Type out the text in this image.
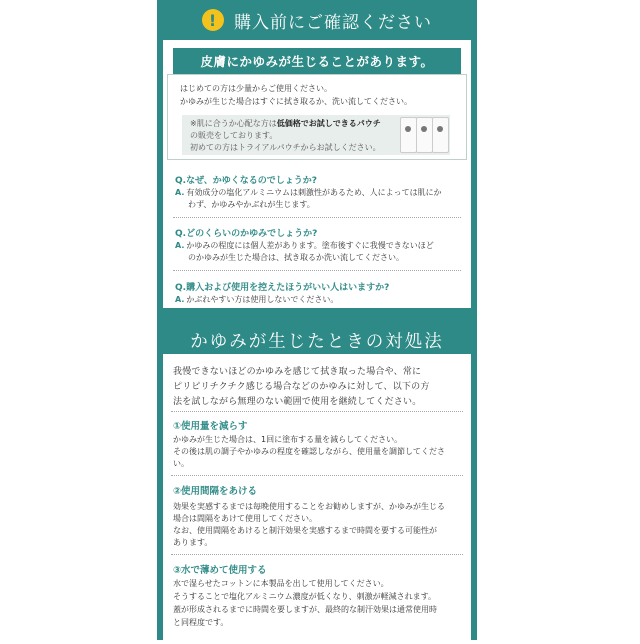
! 購入前にご確認ください
皮膚にかゆみが生じることがあります。
はじめての方は少量からご使用ください。
かゆみが生じた場合はすぐに拭き取るか、洗い流してください。
※肌に合うか心配な方は低価格でお試しできるパウチ
の販売をしております。
初めての方はトライアルパウチからお試しください。
Q.なぜ、かゆくなるのでしょうか?
A. 有効成分の塩化アルミニウムは刺激性があるため、人によっては肌にか
わず、かゆみやかぶれが生じます。
Q.どのくらいのかゆみでしょうか?
A. かゆみの程度には個人差があります。塗布後すぐに我慢できないほど
のかゆみが生じた場合は、拭き取るか洗い流してください。
Q.購入および使用を控えたほうがいい人はいますか?
A. かぶれやすい方は使用しないでください。
かゆみが生じたときの対処法
我慢できないほどのかゆみを感じて拭き取った場合や、常に
ピリピリチクチク感じる場合などのかゆみに対して、以下の方
法を試しながら無理のない範囲で使用を継続してください。
①使用量を減らす
かゆみが生じた場合は、1回に塗布する量を減らしてください。
その後は肌の調子やかゆみの程度を確認しながら、使用量を調節してくださ
い。
②使用間隔をあける
効果を実感するまでは毎晩使用することをお勧めしますが、かゆみが生じる
場合は間隔をあけて使用してください。
なお、使用間隔をあけると制汗効果を実感するまで時間を要する可能性が
あります。
③水で薄めて使用する
水で湿らせたコットンに本製品を出して使用してください。
そうすることで塩化アルミニウム濃度が低くなり、刺激が軽減されます。
蓋が形成されるまでに時間を要しますが、最終的な制汗効果は通常使用時
と同程度です。
